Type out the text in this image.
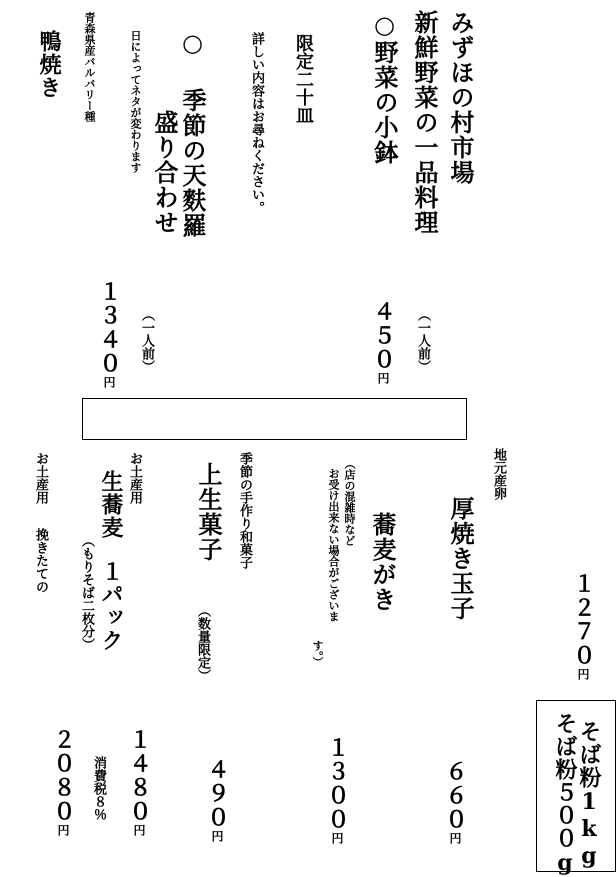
みずほの村市場
新鮮野菜の一品料理
○野菜の小鉢
（一人前）
４５０円
限定二十皿
詳しい内容はお尋ねください。
○ 季節の天麩羅
盛り合わせ
日によってネタが変わります
（一人前）
１３４０円
青森県産バルバリー種
鴨焼き
地元産卵
厚焼き玉子	１２７０円
蕎麦がき
（店の混雑時など
お受け出来ない場合がございま
す。）
季節の手作り和菓子
上生菓子
（数量限定）
お土産用
生蕎麦
１パック
（もりそば二枚分）
お土産用
挽きたての
そば粉1kg
そば粉５００g
６６０円
１３００円
４９０円
１４８０円
消費税８％
２０８０円
